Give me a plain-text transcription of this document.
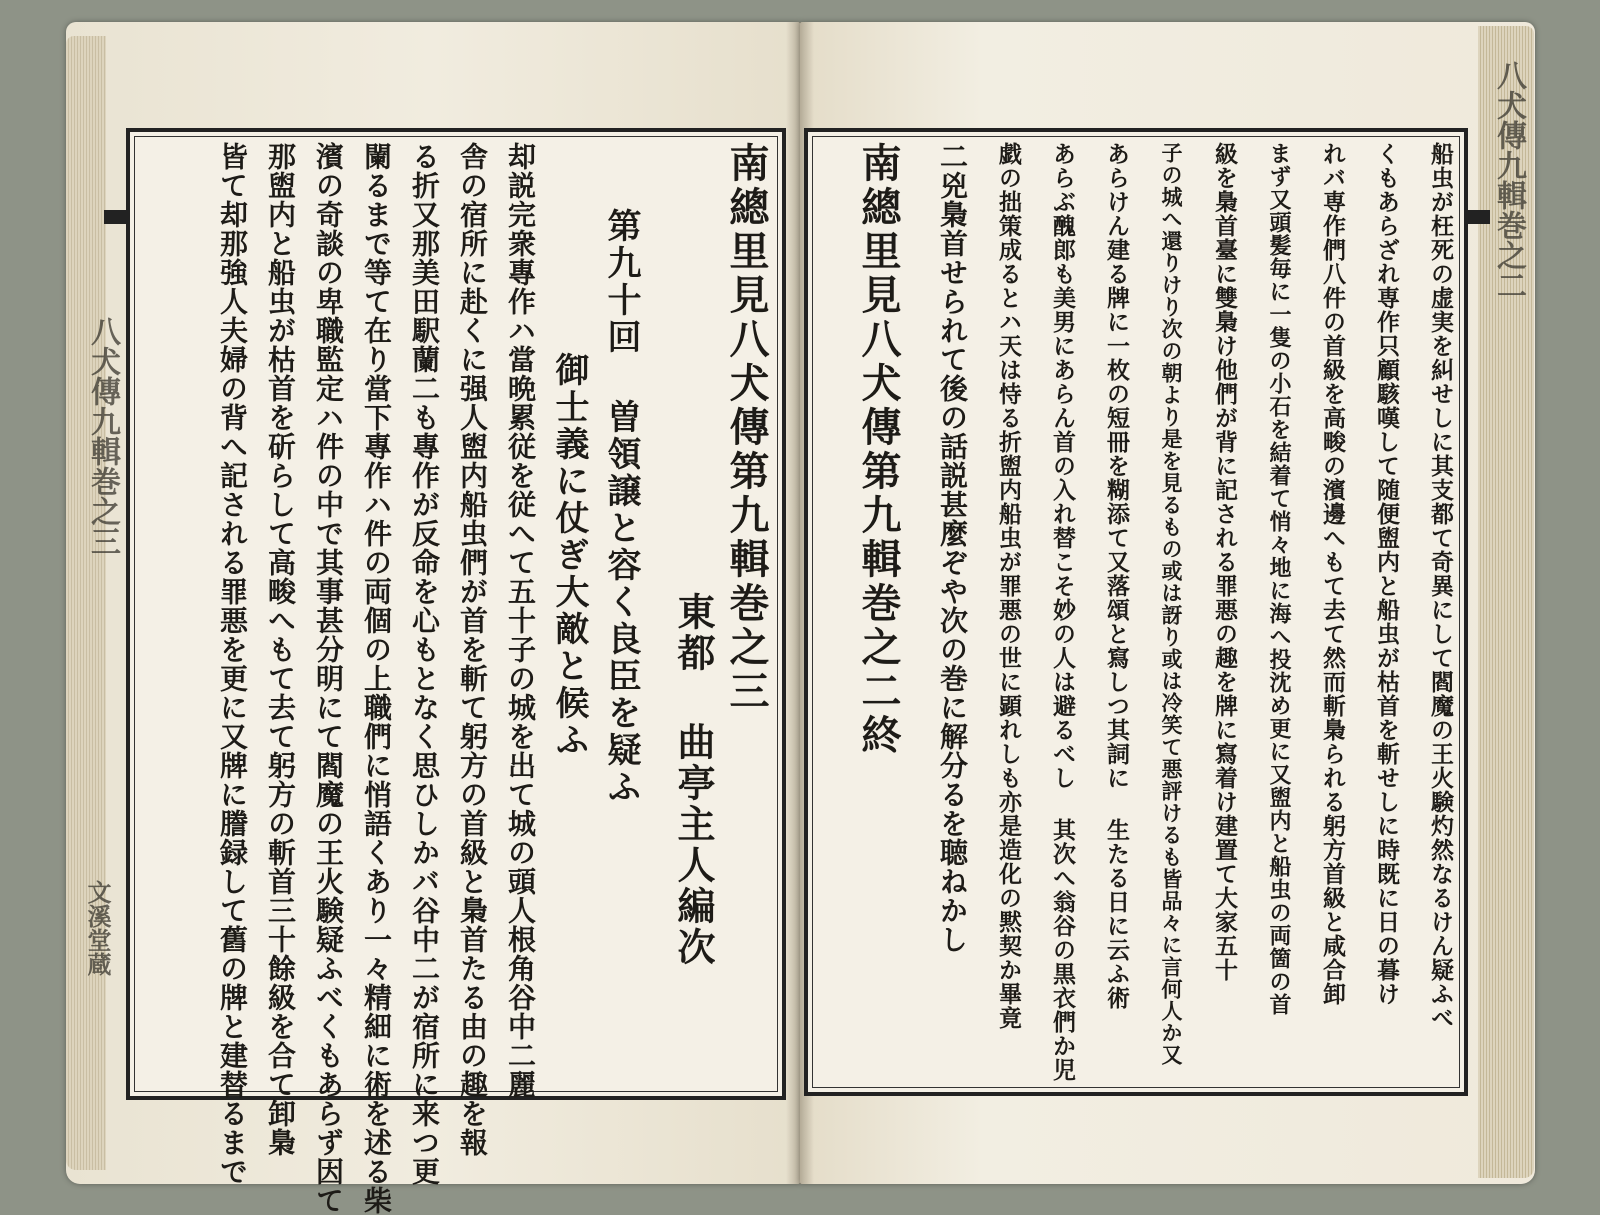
八犬傳九輯巻之三
文溪堂蔵
八犬傳九輯巻之二
南總里見八犬傳第九輯巻之三
東都 曲亭主人編次
第九十回 曽領譲と容く良臣を疑ふ
御士義に仗ぎ大敵と候ふ
却説完衆專作ハ當晩累従を従へて五十子の城を出て城の頭人根角谷中二麗
舎の宿所に赴くに强人盥内船虫們が首を斬て躬方の首級と梟首たる由の趣を報
る折又那美田駅蘭二も專作が反命を心もとなく思ひしかバ谷中二が宿所に来つ更
闌るまで等て在り當下專作ハ件の両個の上職們に悄語くあり一々精細に術を述る柴
濱の奇談の卑職監定ハ件の中で其事甚分明にて閻魔の王火験疑ふべくもあらず因て
那盥内と船虫が枯首を斫らして高畯へもて去て躬方の斬首三十餘級を合て卸梟
皆て却那強人夫婦の背へ記される罪悪を更に又牌に謄録して舊の牌と建替るまで	船虫が枉死の虚実を糾せしに其支都て奇異にして閻魔の王火験灼然なるけん疑ふべ
くもあらざれ専作只顧駭嘆して随便盥内と船虫が枯首を斬せしに時既に日の暮け
れバ専作們八件の首級を高畯の濱邊へもて去て然而斬梟られる躬方首級と咸合卸
まず又頭髪毎に一隻の小石を結着て悄々地に海へ投沈め更に又盥内と船虫の両箇の首
級を梟首臺に雙梟け他們が背に記される罪悪の趣を牌に寫着け建置て大家五十
子の城へ還りけり次の朝より是を見るもの或は訝り或は冷笑て悪評けるも皆品々に言何人か又
あらけん建る牌に一枚の短冊を糊添て又落頌と寫しつ其詞に 生たる日に云ふ術
あらぶ醜郎も美男にあらん首の入れ替こそ妙の人は避るべし 其次へ翁谷の黒衣們か児
戯の拙策成るとハ天は恃る折盥内船虫が罪悪の世に顕れしも亦是造化の黙契か畢竟
二兇梟首せられて後の話説甚麼ぞや次の巻に解分るを聴ねかし
南總里見八犬傳第九輯巻之二終
